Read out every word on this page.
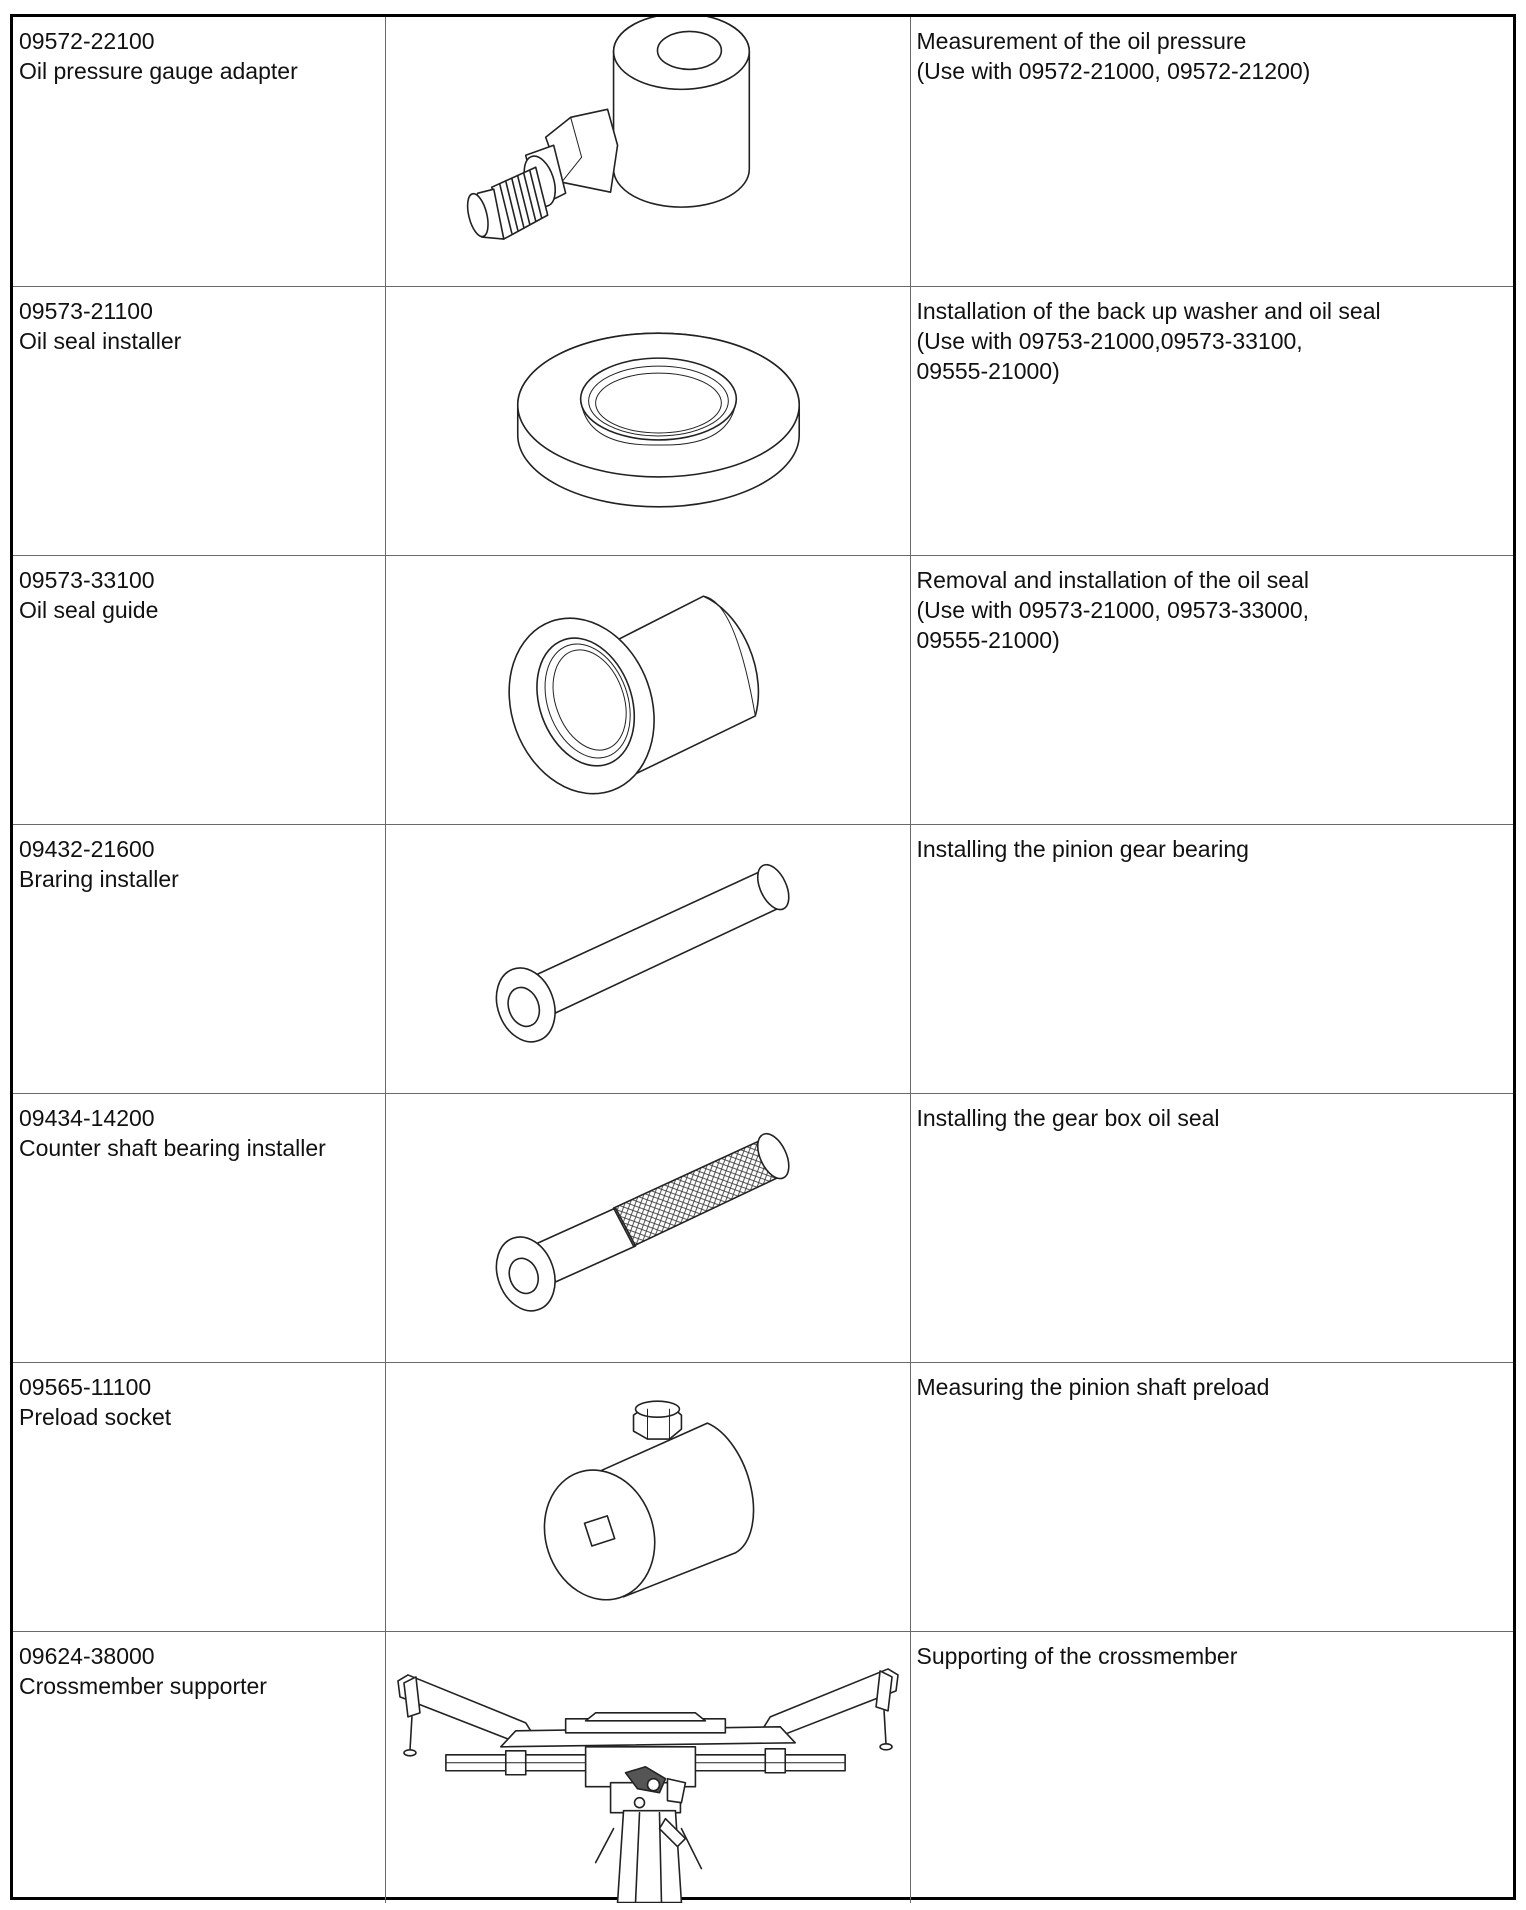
09572-22100
Oil pressure gauge adapter		Measurement of the oil pressure
(Use with 09572-21000, 09572-21200)

09573-21100
Oil seal installer		Installation of the back up washer and oil seal
(Use with 09753-21000,09573-33100,
09555-21000)

09573-33100
Oil seal guide		Removal and installation of the oil seal
(Use with 09573-21000, 09573-33000,
09555-21000)

09432-21600
Braring installer		Installing the pinion gear bearing

09434-14200
Counter shaft bearing installer		Installing the gear box oil seal

09565-11100
Preload socket		Measuring the pinion shaft preload

09624-38000
Crossmember supporter		Supporting of the crossmember
